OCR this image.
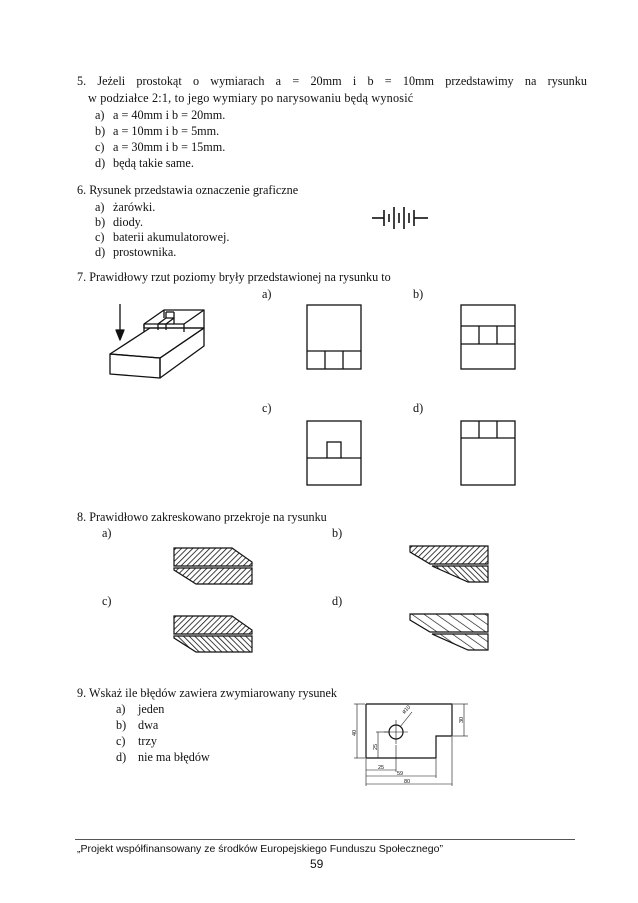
5. Jeżeli prostokąt o wymiarach a = 20mm i b = 10mm przedstawimy na rysunku
w podziałce 2:1, to jego wymiary po narysowaniu będą wynosić
a) a = 40mm i b = 20mm.
b) a = 10mm i b = 5mm.
c) a = 30mm i b = 15mm.
d) będą takie same.
6. Rysunek przedstawia oznaczenie graficzne
a) żarówki.
b) diody.
c) baterii akumulatorowej.
d) prostownika.
7. Prawidłowy rzut poziomy bryły przedstawionej na rysunku to
a)	b)
c)	d)
8. Prawidłowo zakreskowano przekroje na rysunku
a)	b)
c)	d)
9. Wskaż ile błędów zawiera zwymiarowany rysunek
a) jeden
b) dwa
c) trzy
d) nie ma błędów
40
25
30
25
59
80
ø10
„Projekt współfinansowany ze środków Europejskiego Funduszu Społecznego”
59
